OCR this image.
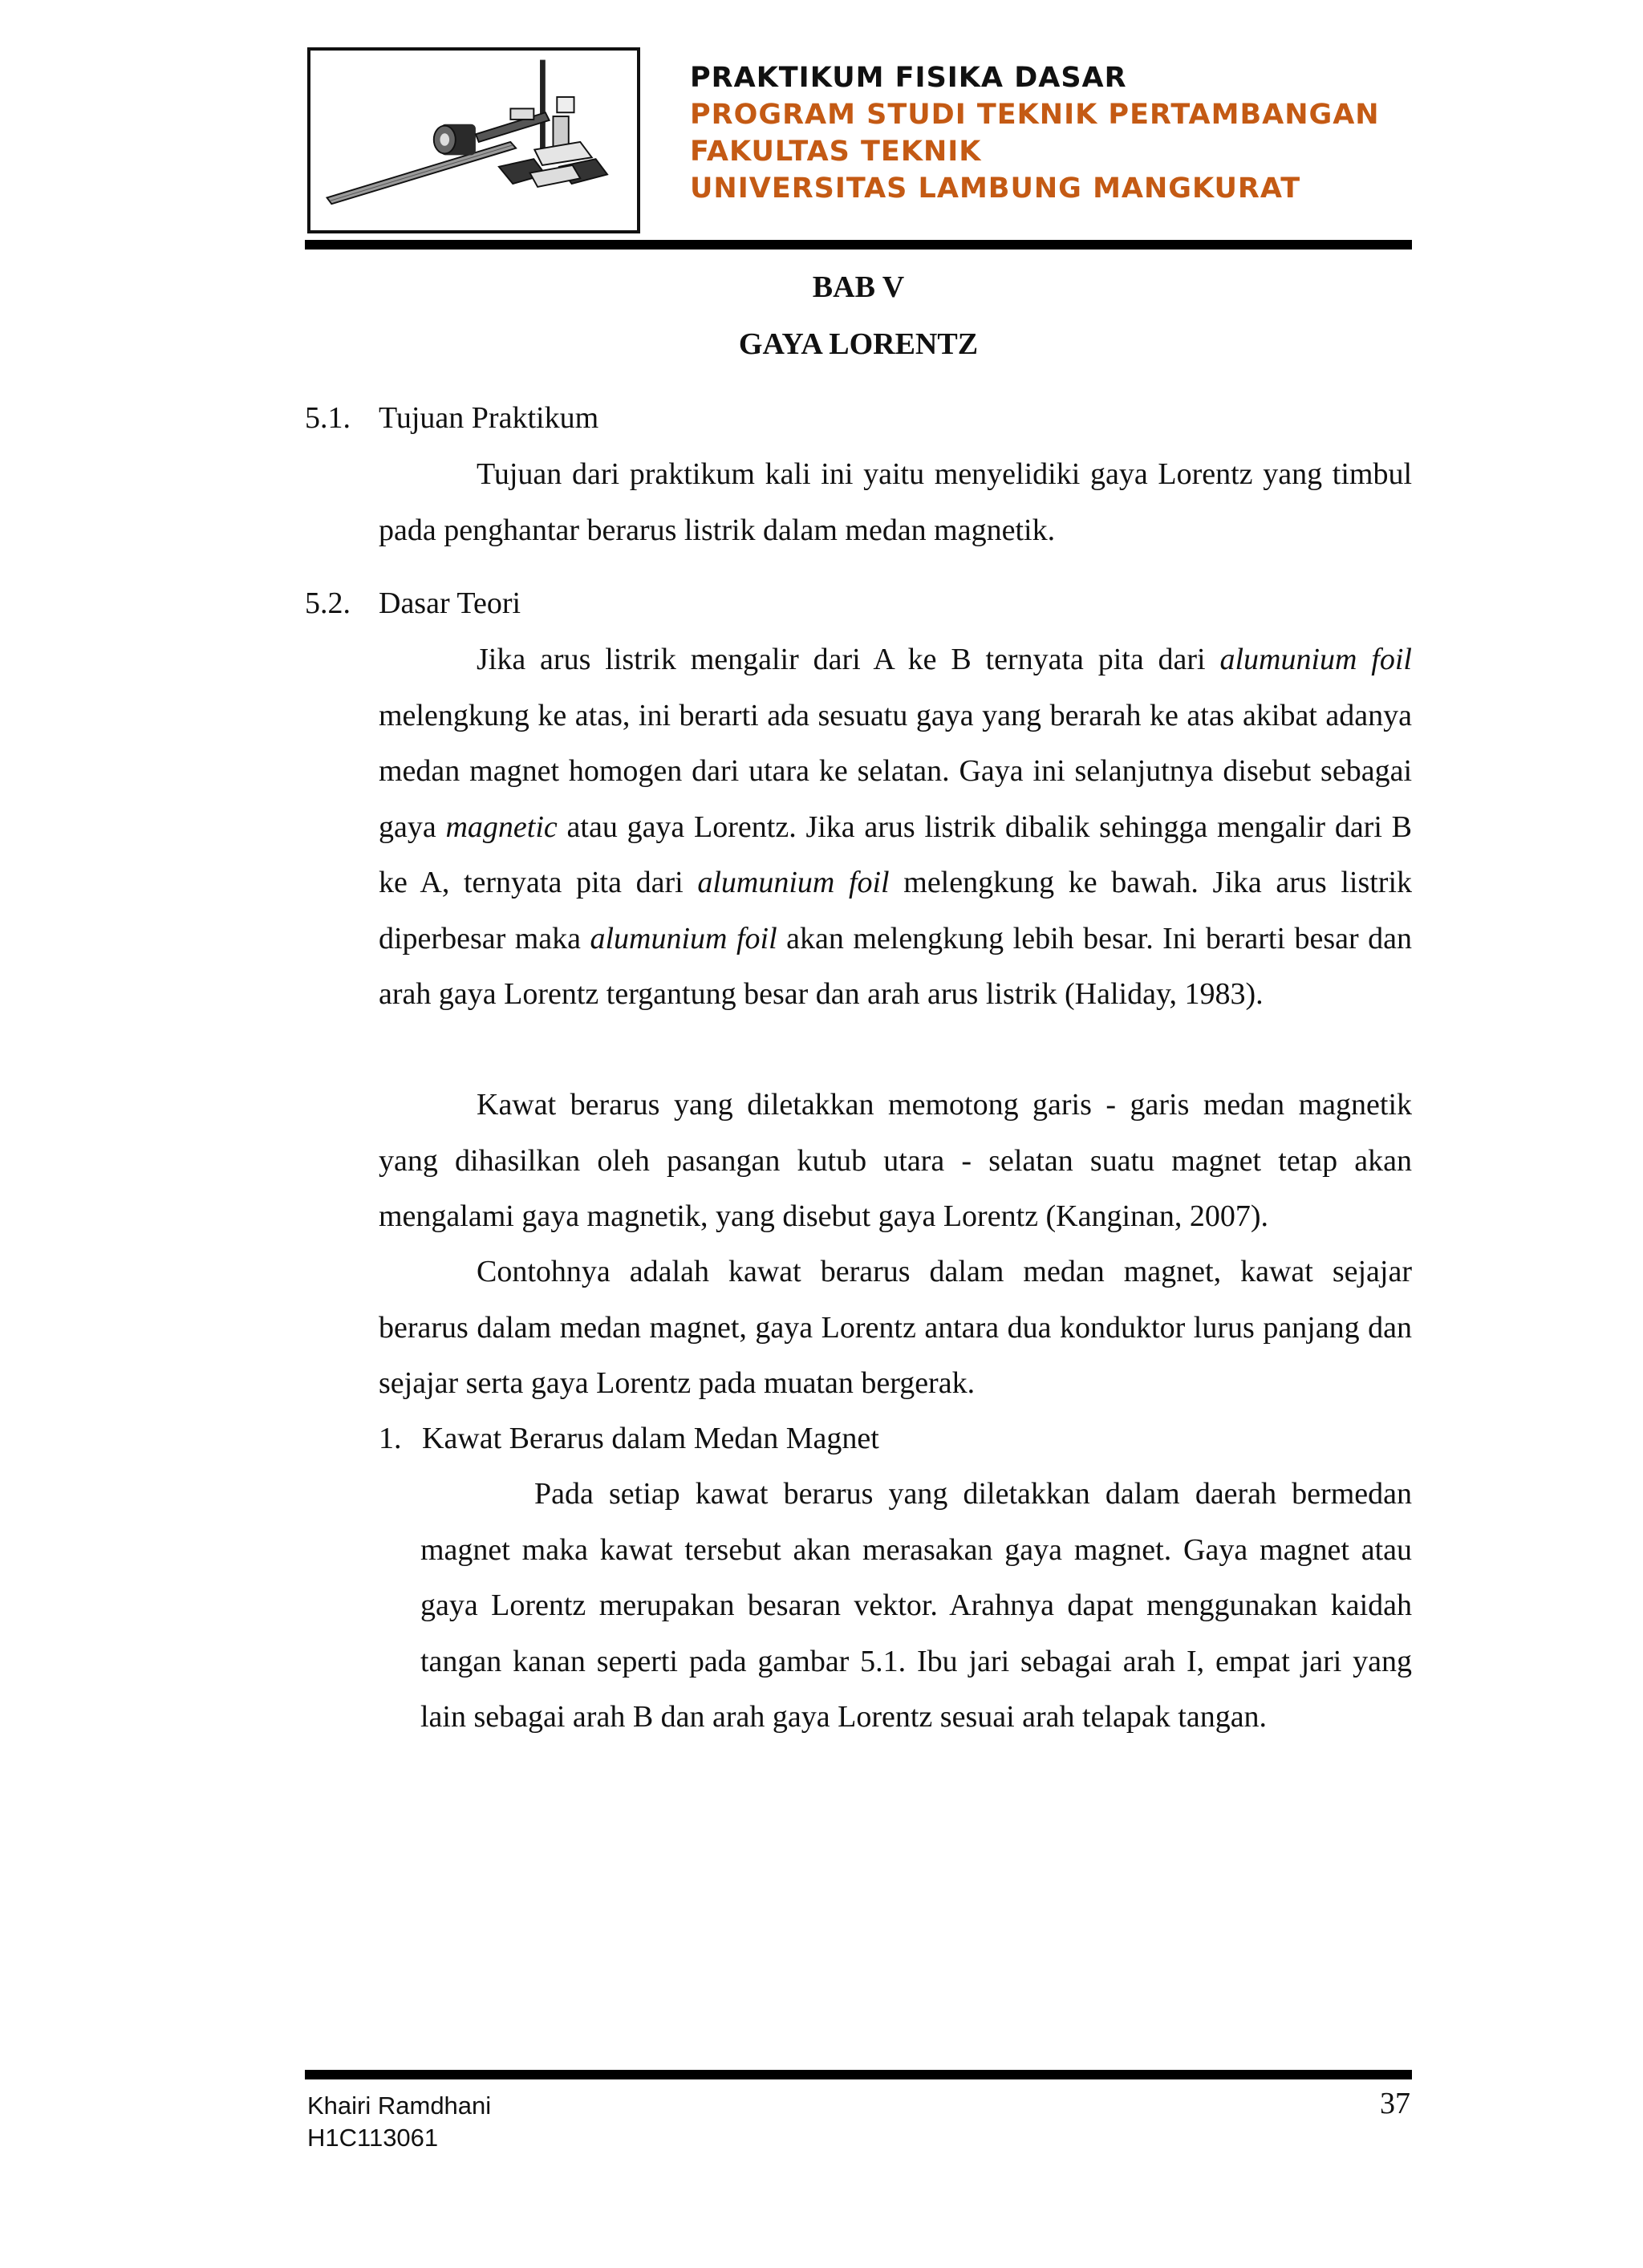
PRAKTIKUM FISIKA DASAR
PROGRAM STUDI TEKNIK PERTAMBANGAN
FAKULTAS TEKNIK
UNIVERSITAS LAMBUNG MANGKURAT
BAB V
GAYA LORENTZ
5.1. Tujuan Praktikum

Tujuan dari praktikum kali ini yaitu menyelidiki gaya Lorentz yang timbul pada penghantar berarus listrik dalam medan magnetik.

5.2. Dasar Teori

Jika arus listrik mengalir dari A ke B ternyata pita dari alumunium foil melengkung ke atas, ini berarti ada sesuatu gaya yang berarah ke atas akibat adanya medan magnet homogen dari utara ke selatan. Gaya ini selanjutnya disebut sebagai gaya magnetic atau gaya Lorentz. Jika arus listrik dibalik sehingga mengalir dari B ke A, ternyata pita dari alumunium foil melengkung ke bawah. Jika arus listrik diperbesar maka alumunium foil akan melengkung lebih besar. Ini berarti besar dan arah gaya Lorentz tergantung besar dan arah arus listrik (Haliday, 1983).

Kawat berarus yang diletakkan memotong garis - garis medan magnetik yang dihasilkan oleh pasangan kutub utara - selatan suatu magnet tetap akan mengalami gaya magnetik, yang disebut gaya Lorentz (Kanginan, 2007).

Contohnya adalah kawat berarus dalam medan magnet, kawat sejajar berarus dalam medan magnet, gaya Lorentz antara dua konduktor lurus panjang dan sejajar serta gaya Lorentz pada muatan bergerak.

1. Kawat Berarus dalam Medan Magnet

Pada setiap kawat berarus yang diletakkan dalam daerah bermedan magnet maka kawat tersebut akan merasakan gaya magnet. Gaya magnet atau gaya Lorentz merupakan besaran vektor. Arahnya dapat menggunakan kaidah tangan kanan seperti pada gambar 5.1. Ibu jari sebagai arah I, empat jari yang lain sebagai arah B dan arah gaya Lorentz sesuai arah telapak tangan.

Khairi Ramdhani
H1C113061
37
